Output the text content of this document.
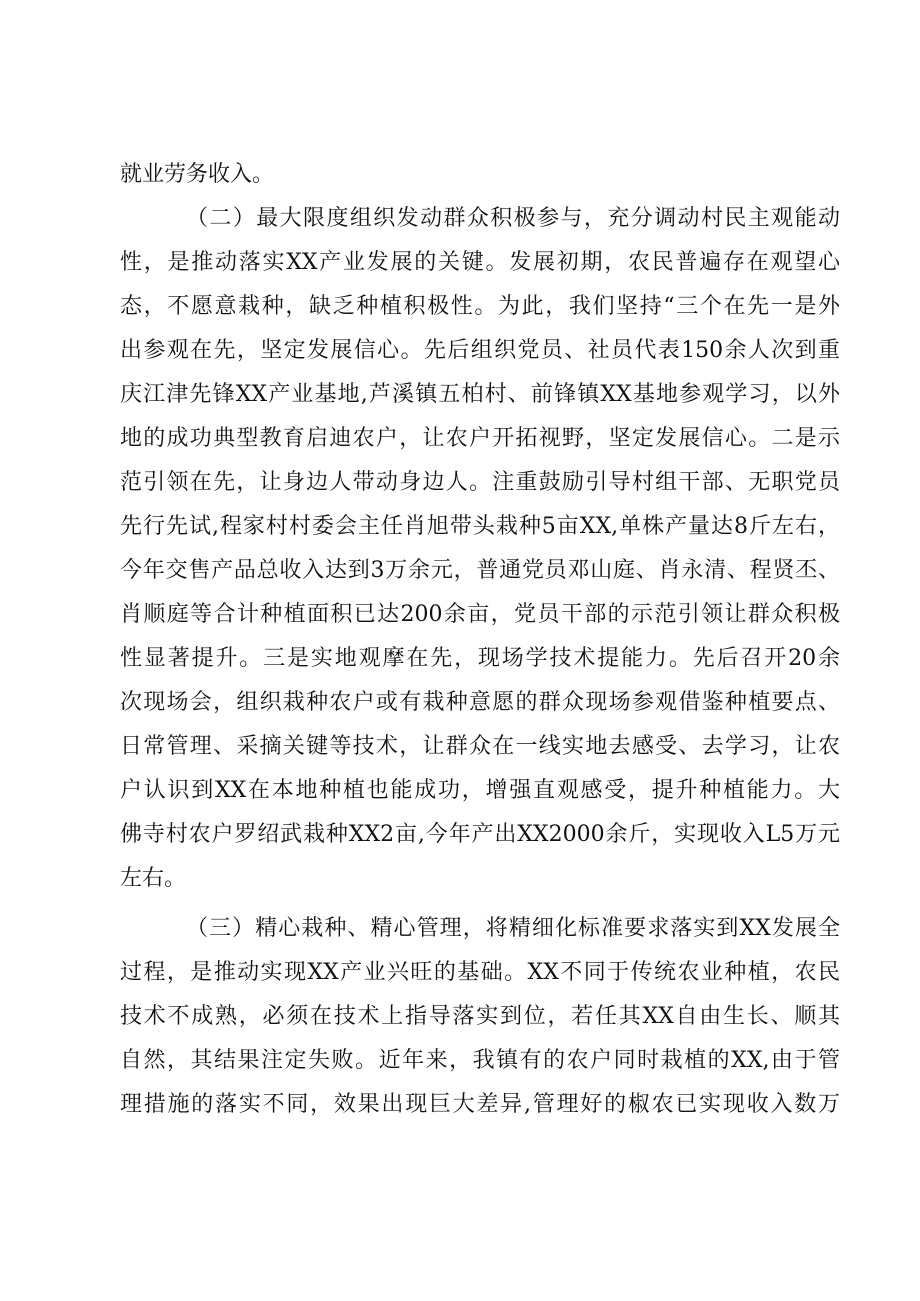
就业劳务收入。
（二）最大限度组织发动群众积极参与，充分调动村民主观能动
性，是推动落实XX产业发展的关键。发展初期，农民普遍存在观望心
态，不愿意栽种，缺乏种植积极性。为此，我们坚持“三个在先一是外
出参观在先，坚定发展信心。先后组织党员、社员代表150余人次到重
庆江津先锋XX产业基地,芦溪镇五柏村、前锋镇XX基地参观学习，以外
地的成功典型教育启迪农户，让农户开拓视野，坚定发展信心。二是示
范引领在先，让身边人带动身边人。注重鼓励引导村组干部、无职党员
先行先试,程家村村委会主任肖旭带头栽种5亩XX,单株产量达8斤左右，
今年交售产品总收入达到3万余元，普通党员邓山庭、肖永清、程贤丕、
肖顺庭等合计种植面积已达200余亩，党员干部的示范引领让群众积极
性显著提升。三是实地观摩在先，现场学技术提能力。先后召开20余
次现场会，组织栽种农户或有栽种意愿的群众现场参观借鉴种植要点、
日常管理、采摘关键等技术，让群众在一线实地去感受、去学习，让农
户认识到XX在本地种植也能成功，增强直观感受，提升种植能力。大
佛寺村农户罗绍武栽种XX2亩,今年产出XX2000余斤，实现收入L5万元
左右。
（三）精心栽种、精心管理，将精细化标准要求落实到XX发展全
过程，是推动实现XX产业兴旺的基础。XX不同于传统农业种植，农民
技术不成熟，必须在技术上指导落实到位，若任其XX自由生长、顺其
自然，其结果注定失败。近年来，我镇有的农户同时栽植的XX,由于管
理措施的落实不同，效果出现巨大差异,管理好的椒农已实现收入数万
